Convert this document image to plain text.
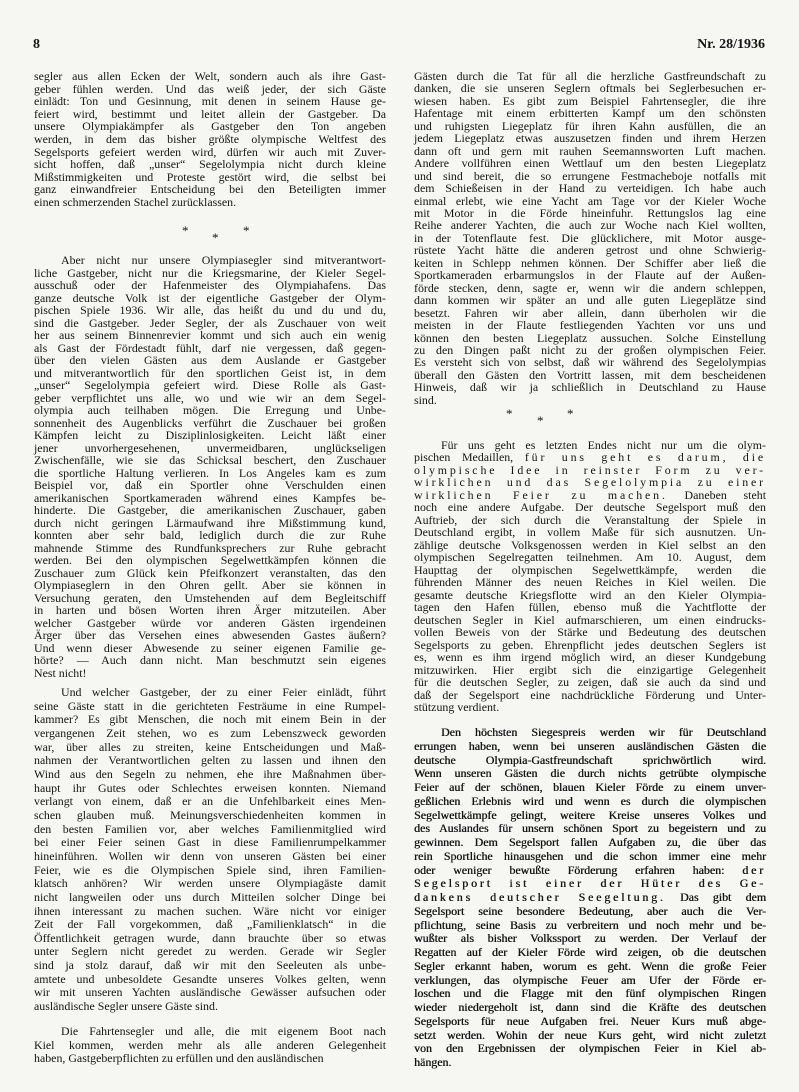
8	Nr. 28/1936
segler aus allen Ecken der Welt, sondern auch als ihre Gast-
geber fühlen werden. Und das weiß jeder, der sich Gäste
einlädt: Ton und Gesinnung, mit denen in seinem Hause ge-
feiert wird, bestimmt und leitet allein der Gastgeber. Da
unsere Olympiakämpfer als Gastgeber den Ton angeben
werden, in dem das bisher größte olympische Weltfest des
Segelsports gefeiert werden wird, dürfen wir auch mit Zuver-
sicht hoffen, daß „unser“ Segelolympia nicht durch kleine
Mißstimmigkeiten und Proteste gestört wird, die selbst bei
ganz einwandfreier Entscheidung bei den Beteiligten immer
einen schmerzenden Stachel zurücklassen.
* * *
Aber nicht nur unsere Olympiasegler sind mitverantwort-
liche Gastgeber, nicht nur die Kriegsmarine, der Kieler Segel-
ausschuß oder der Hafenmeister des Olympiahafens. Das
ganze deutsche Volk ist der eigentliche Gastgeber der Olym-
pischen Spiele 1936. Wir alle, das heißt du und du und du,
sind die Gastgeber. Jeder Segler, der als Zuschauer von weit
her aus seinem Binnenrevier kommt und sich auch ein wenig
als Gast der Fördestadt fühlt, darf nie vergessen, daß gegen-
über den vielen Gästen aus dem Auslande er Gastgeber
und mitverantwortlich für den sportlichen Geist ist, in dem
„unser“ Segelolympia gefeiert wird. Diese Rolle als Gast-
geber verpflichtet uns alle, wo und wie wir an dem Segel-
olympia auch teilhaben mögen. Die Erregung und Unbe-
sonnenheit des Augenblicks verführt die Zuschauer bei großen
Kämpfen leicht zu Disziplinlosigkeiten. Leicht läßt einer
jener unvorhergesehenen, unvermeidbaren, unglückseligen
Zwischenfälle, wie sie das Schicksal beschert, den Zuschauer
die sportliche Haltung verlieren. In Los Angeles kam es zum
Beispiel vor, daß ein Sportler ohne Verschulden einen
amerikanischen Sportkameraden während eines Kampfes be-
hinderte. Die Gastgeber, die amerikanischen Zuschauer, gaben
durch nicht geringen Lärmaufwand ihre Mißstimmung kund,
konnten aber sehr bald, lediglich durch die zur Ruhe
mahnende Stimme des Rundfunksprechers zur Ruhe gebracht
werden. Bei den olympischen Segelwettkämpfen können die
Zuschauer zum Glück kein Pfeifkonzert veranstalten, das den
Olympiaseglern in den Ohren gellt. Aber sie können in
Versuchung geraten, den Umstehenden auf dem Begleitschiff
in harten und bösen Worten ihren Ärger mitzuteilen. Aber
welcher Gastgeber würde vor anderen Gästen irgendeinen
Ärger über das Versehen eines abwesenden Gastes äußern?
Und wenn dieser Abwesende zu seiner eigenen Familie ge-
hörte? — Auch dann nicht. Man beschmutzt sein eigenes
Nest nicht!
Und welcher Gastgeber, der zu einer Feier einlädt, führt
seine Gäste statt in die gerichteten Festräume in eine Rumpel-
kammer? Es gibt Menschen, die noch mit einem Bein in der
vergangenen Zeit stehen, wo es zum Lebenszweck geworden
war, über alles zu streiten, keine Entscheidungen und Maß-
nahmen der Verantwortlichen gelten zu lassen und ihnen den
Wind aus den Segeln zu nehmen, ehe ihre Maßnahmen über-
haupt ihr Gutes oder Schlechtes erweisen konnten. Niemand
verlangt von einem, daß er an die Unfehlbarkeit eines Men-
schen glauben muß. Meinungsverschiedenheiten kommen in
den besten Familien vor, aber welches Familienmitglied wird
bei einer Feier seinen Gast in diese Familienrumpelkammer
hineinführen. Wollen wir denn von unseren Gästen bei einer
Feier, wie es die Olympischen Spiele sind, ihren Familien-
klatsch anhören? Wir werden unsere Olympiagäste damit
nicht langweilen oder uns durch Mitteilen solcher Dinge bei
ihnen interessant zu machen suchen. Wäre nicht vor einiger
Zeit der Fall vorgekommen, daß „Familienklatsch“ in die
Öffentlichkeit getragen wurde, dann brauchte über so etwas
unter Seglern nicht geredet zu werden. Gerade wir Segler
sind ja stolz darauf, daß wir mit den Seeleuten als unbe-
amtete und unbesoldete Gesandte unseres Volkes gelten, wenn
wir mit unseren Yachten ausländische Gewässer aufsuchen oder
ausländische Segler unsere Gäste sind.
Die Fahrtensegler und alle, die mit eigenem Boot nach
Kiel kommen, werden mehr als alle anderen Gelegenheit
haben, Gastgeberpflichten zu erfüllen und den ausländischen
Gästen durch die Tat für all die herzliche Gastfreundschaft zu
danken, die sie unseren Seglern oftmals bei Seglerbesuchen er-
wiesen haben. Es gibt zum Beispiel Fahrtensegler, die ihre
Hafentage mit einem erbitterten Kampf um den schönsten
und ruhigsten Liegeplatz für ihren Kahn ausfüllen, die an
jedem Liegeplatz etwas auszusetzen finden und ihrem Herzen
dann oft und gern mit rauhen Seemannsworten Luft machen.
Andere vollführen einen Wettlauf um den besten Liegeplatz
und sind bereit, die so errungene Festmacheboje notfalls mit
dem Schießeisen in der Hand zu verteidigen. Ich habe auch
einmal erlebt, wie eine Yacht am Tage vor der Kieler Woche
mit Motor in die Förde hineinfuhr. Rettungslos lag eine
Reihe anderer Yachten, die auch zur Woche nach Kiel wollten,
in der Totenflaute fest. Die glücklichere, mit Motor ausge-
rüstete Yacht hätte die anderen getrost und ohne Schwierig-
keiten in Schlepp nehmen können. Der Schiffer aber ließ die
Sportkameraden erbarmungslos in der Flaute auf der Außen-
förde stecken, denn, sagte er, wenn wir die andern schleppen,
dann kommen wir später an und alle guten Liegeplätze sind
besetzt. Fahren wir aber allein, dann überholen wir die
meisten in der Flaute festliegenden Yachten vor uns und
können den besten Liegeplatz aussuchen. Solche Einstellung
zu den Dingen paßt nicht zu der großen olympischen Feier.
Es versteht sich von selbst, daß wir während des Segelolympias
überall den Gästen den Vortritt lassen, mit dem bescheidenen
Hinweis, daß wir ja schließlich in Deutschland zu Hause
sind.
* * *
Für uns geht es letzten Endes nicht nur um die olym-
pischen Medaillen, für uns geht es darum, die
olympische Idee in reinster Form zu ver-
wirklichen und das Segelolympia zu einer
wirklichen Feier zu machen. Daneben steht
noch eine andere Aufgabe. Der deutsche Segelsport muß den
Auftrieb, der sich durch die Veranstaltung der Spiele in
Deutschland ergibt, in vollem Maße für sich ausnutzen. Un-
zählige deutsche Volksgenossen werden in Kiel selbst an den
olympischen Segelregatten teilnehmen. Am 10. August, dem
Haupttag der olympischen Segelwettkämpfe, werden die
führenden Männer des neuen Reiches in Kiel weilen. Die
gesamte deutsche Kriegsflotte wird an den Kieler Olympia-
tagen den Hafen füllen, ebenso muß die Yachtflotte der
deutschen Segler in Kiel aufmarschieren, um einen eindrucks-
vollen Beweis von der Stärke und Bedeutung des deutschen
Segelsports zu geben. Ehrenpflicht jedes deutschen Seglers ist
es, wenn es ihm irgend möglich wird, an dieser Kundgebung
mitzuwirken. Hier ergibt sich die einzigartige Gelegenheit
für die deutschen Segler, zu zeigen, daß sie auch da sind und
daß der Segelsport eine nachdrückliche Förderung und Unter-
stützung verdient.
Den höchsten Siegespreis werden wir für Deutschland
errungen haben, wenn bei unseren ausländischen Gästen die
deutsche Olympia-Gastfreundschaft sprichwörtlich wird.
Wenn unseren Gästen die durch nichts getrübte olympische
Feier auf der schönen, blauen Kieler Förde zu einem unver-
geßlichen Erlebnis wird und wenn es durch die olympischen
Segelwettkämpfe gelingt, weitere Kreise unseres Volkes und
des Auslandes für unsern schönen Sport zu begeistern und zu
gewinnen. Dem Segelsport fallen Aufgaben zu, die über das
rein Sportliche hinausgehen und die schon immer eine mehr
oder weniger bewußte Förderung erfahren haben: der
Segelsport ist einer der Hüter des Ge-
dankens deutscher Seegeltung. Das gibt dem
Segelsport seine besondere Bedeutung, aber auch die Ver-
pflichtung, seine Basis zu verbreitern und noch mehr und be-
wußter als bisher Volkssport zu werden. Der Verlauf der
Regatten auf der Kieler Förde wird zeigen, ob die deutschen
Segler erkannt haben, worum es geht. Wenn die große Feier
verklungen, das olympische Feuer am Ufer der Förde er-
loschen und die Flagge mit den fünf olympischen Ringen
wieder niedergeholt ist, dann sind die Kräfte des deutschen
Segelsports für neue Aufgaben frei. Neuer Kurs muß abge-
setzt werden. Wohin der neue Kurs geht, wird nicht zuletzt
von den Ergebnissen der olympischen Feier in Kiel ab-
hängen.
